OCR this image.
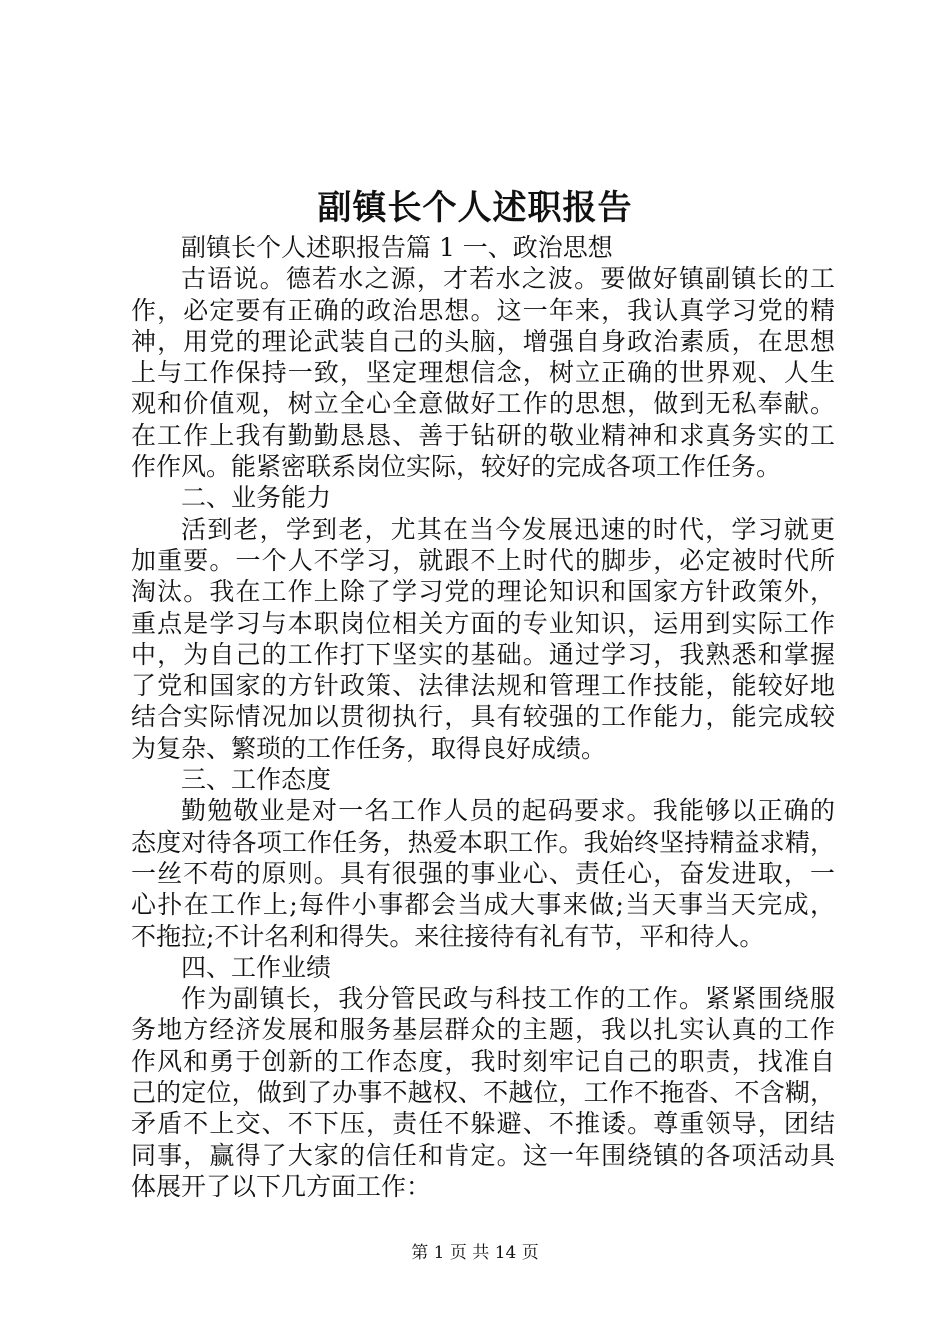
副镇长个人述职报告
副镇长个人述职报告篇 1 一、政治思想
古语说。德若水之源，才若水之波。要做好镇副镇长的工
作，必定要有正确的政治思想。这一年来，我认真学习党的精
神，用党的理论武装自己的头脑，增强自身政治素质，在思想
上与工作保持一致，坚定理想信念，树立正确的世界观、人生
观和价值观，树立全心全意做好工作的思想，做到无私奉献。
在工作上我有勤勤恳恳、善于钻研的敬业精神和求真务实的工
作作风。能紧密联系岗位实际，较好的完成各项工作任务。
二、业务能力
活到老，学到老，尤其在当今发展迅速的时代，学习就更
加重要。一个人不学习，就跟不上时代的脚步，必定被时代所
淘汰。我在工作上除了学习党的理论知识和国家方针政策外，
重点是学习与本职岗位相关方面的专业知识，运用到实际工作
中，为自己的工作打下坚实的基础。通过学习，我熟悉和掌握
了党和国家的方针政策、法律法规和管理工作技能，能较好地
结合实际情况加以贯彻执行，具有较强的工作能力，能完成较
为复杂、繁琐的工作任务，取得良好成绩。
三、工作态度
勤勉敬业是对一名工作人员的起码要求。我能够以正确的
态度对待各项工作任务，热爱本职工作。我始终坚持精益求精，
一丝不苟的原则。具有很强的事业心、责任心，奋发进取，一
心扑在工作上;每件小事都会当成大事来做;当天事当天完成，
不拖拉;不计名利和得失。来往接待有礼有节，平和待人。
四、工作业绩
作为副镇长，我分管民政与科技工作的工作。紧紧围绕服
务地方经济发展和服务基层群众的主题，我以扎实认真的工作
作风和勇于创新的工作态度，我时刻牢记自己的职责，找准自
己的定位，做到了办事不越权、不越位，工作不拖沓、不含糊，
矛盾不上交、不下压，责任不躲避、不推诿。尊重领导，团结
同事，赢得了大家的信任和肯定。这一年围绕镇的各项活动具
体展开了以下几方面工作：
第 1 页 共 14 页
